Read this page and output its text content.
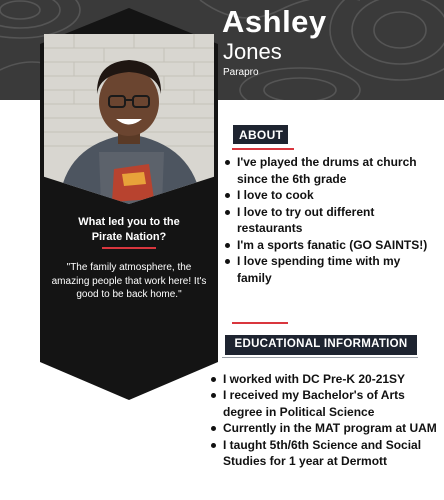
What led you to the Pirate Nation?
"The family atmosphere, the amazing people that work here! It's good to be back home."
Ashley
Jones
Parapro
ABOUT
I've played the drums at church since the 6th grade
I love to cook
I love to try out different restaurants
I'm a sports fanatic (GO SAINTS!)
I love spending time with my family
EDUCATIONAL INFORMATION
I worked with DC Pre-K 20-21SY
I received my Bachelor's of Arts degree in Political Science
Currently in the MAT program at UAM
I taught 5th/6th Science and Social Studies for 1 year at Dermott
